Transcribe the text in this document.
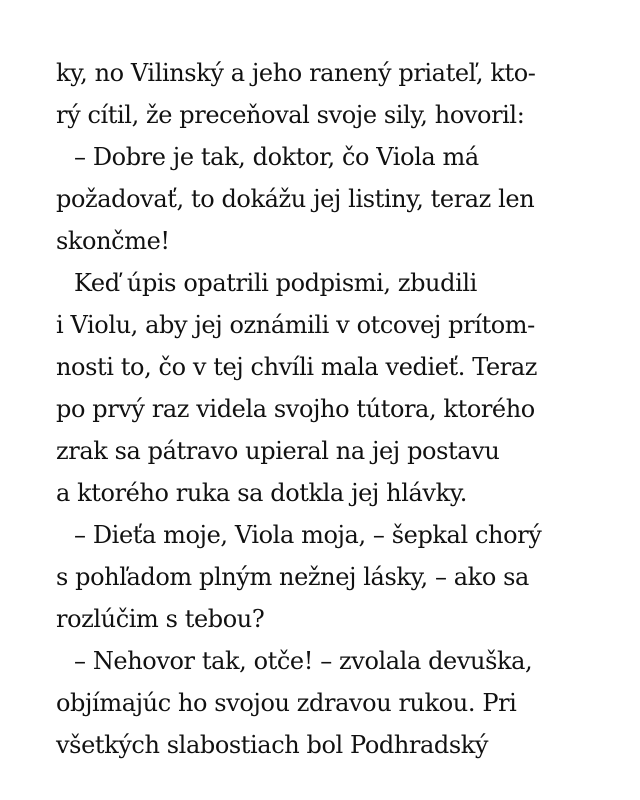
ky, no Vilinský a jeho ranený priateľ, kto-
rý cítil, že preceňoval svoje sily, hovoril:
– Dobre je tak, doktor, čo Viola má
požadovať, to dokážu jej listiny, teraz len
skončme!
Keď úpis opatrili podpismi, zbudili
i Violu, aby jej oznámili v otcovej prítom-
nosti to, čo v tej chvíli mala vedieť. Teraz
po prvý raz videla svojho tútora, ktorého
zrak sa pátravo upieral na jej postavu
a ktorého ruka sa dotkla jej hlávky.
– Dieťa moje, Viola moja, – šepkal chorý
s pohľadom plným nežnej lásky, – ako sa
rozlúčim s tebou?
– Nehovor tak, otče! – zvolala devuška,
objímajúc ho svojou zdravou rukou. Pri
všetkých slabostiach bol Podhradský
